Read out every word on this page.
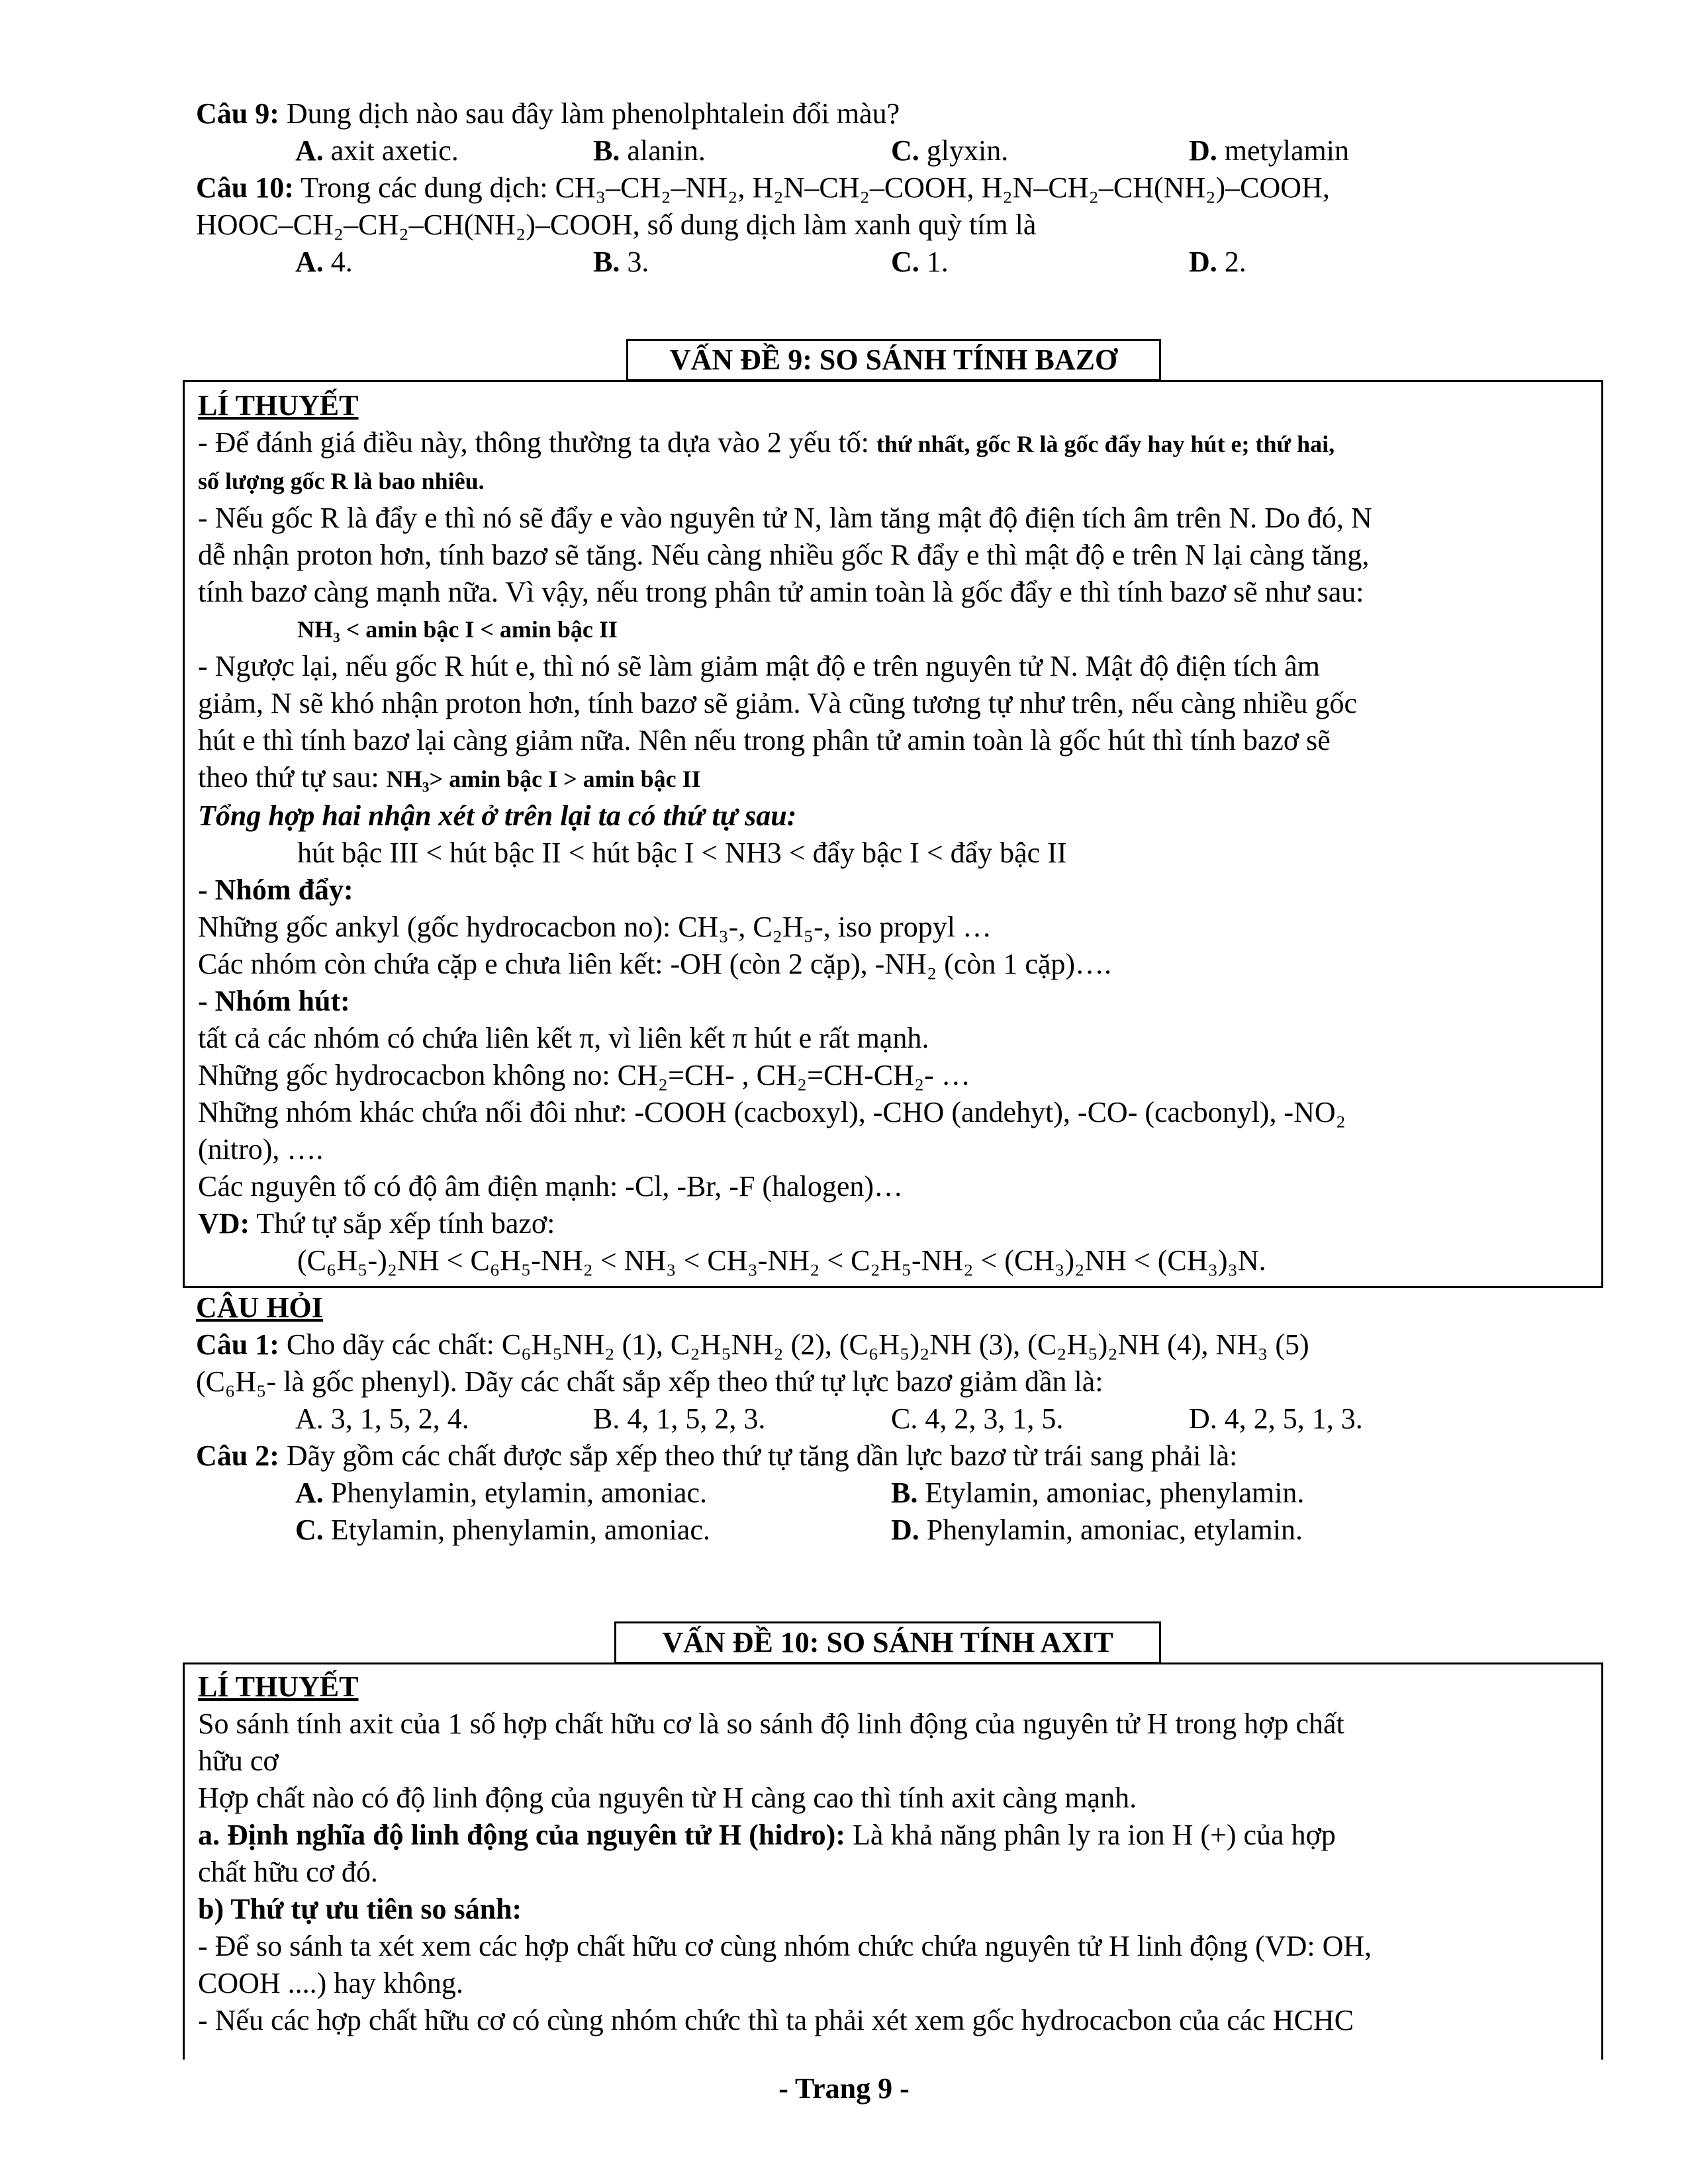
Câu 9: Dung dịch nào sau đây làm phenolphtalein đổi màu?
A. axit axetic.	B. alanin.	C. glyxin.	D. metylamin
Câu 10: Trong các dung dịch: CH₃–CH₂–NH₂, H₂N–CH₂–COOH, H₂N–CH₂–CH(NH₂)–COOH,
HOOC–CH₂–CH₂–CH(NH₂)–COOH, số dung dịch làm xanh quỳ tím là
A. 4.	B. 3.	C. 1.	D. 2.
VẤN ĐỀ 9: SO SÁNH TÍNH BAZƠ
LÍ THUYẾT
- Để đánh giá điều này, thông thường ta dựa vào 2 yếu tố: thứ nhất, gốc R là gốc đẩy hay hút e; thứ hai,
số lượng gốc R là bao nhiêu.
- Nếu gốc R là đẩy e thì nó sẽ đẩy e vào nguyên tử N, làm tăng mật độ điện tích âm trên N. Do đó, N
dễ nhận proton hơn, tính bazơ sẽ tăng. Nếu càng nhiều gốc R đẩy e thì mật độ e trên N lại càng tăng,
tính bazơ càng mạnh nữa. Vì vậy, nếu trong phân tử amin toàn là gốc đẩy e thì tính bazơ sẽ như sau:
NH₃ < amin bậc I < amin bậc II
- Ngược lại, nếu gốc R hút e, thì nó sẽ làm giảm mật độ e trên nguyên tử N. Mật độ điện tích âm
giảm, N sẽ khó nhận proton hơn, tính bazơ sẽ giảm. Và cũng tương tự như trên, nếu càng nhiều gốc
hút e thì tính bazơ lại càng giảm nữa. Nên nếu trong phân tử amin toàn là gốc hút thì tính bazơ sẽ
theo thứ tự sau: NH₃> amin bậc I > amin bậc II
Tổng hợp hai nhận xét ở trên lại ta có thứ tự sau:
hút bậc III < hút bậc II < hút bậc I < NH3 < đẩy bậc I < đẩy bậc II
- Nhóm đẩy:
Những gốc ankyl (gốc hydrocacbon no): CH₃-, C₂H₅-, iso propyl …
Các nhóm còn chứa cặp e chưa liên kết: -OH (còn 2 cặp), -NH₂ (còn 1 cặp)….
- Nhóm hút:
tất cả các nhóm có chứa liên kết π, vì liên kết π hút e rất mạnh.
Những gốc hydrocacbon không no: CH₂=CH- , CH₂=CH-CH₂- …
Những nhóm khác chứa nối đôi như: -COOH (cacboxyl), -CHO (andehyt), -CO- (cacbonyl), -NO₂
(nitro), ….
Các nguyên tố có độ âm điện mạnh: -Cl, -Br, -F (halogen)…
VD: Thứ tự sắp xếp tính bazơ:
(C₆H₅-)₂NH < C₆H₅-NH₂ < NH₃ < CH₃-NH₂ < C₂H₅-NH₂ < (CH₃)₂NH < (CH₃)₃N.
CÂU HỎI
Câu 1: Cho dãy các chất: C₆H₅NH₂ (1), C₂H₅NH₂ (2), (C₆H₅)₂NH (3), (C₂H₅)₂NH (4), NH₃ (5)
(C₆H₅- là gốc phenyl). Dãy các chất sắp xếp theo thứ tự lực bazơ giảm dần là:
A. 3, 1, 5, 2, 4.	B. 4, 1, 5, 2, 3.	C. 4, 2, 3, 1, 5.	D. 4, 2, 5, 1, 3.
Câu 2: Dãy gồm các chất được sắp xếp theo thứ tự tăng dần lực bazơ từ trái sang phải là:
A. Phenylamin, etylamin, amoniac.	B. Etylamin, amoniac, phenylamin.
C. Etylamin, phenylamin, amoniac.	D. Phenylamin, amoniac, etylamin.
VẤN ĐỀ 10: SO SÁNH TÍNH AXIT
LÍ THUYẾT
So sánh tính axit của 1 số hợp chất hữu cơ là so sánh độ linh động của nguyên tử H trong hợp chất
hữu cơ
Hợp chất nào có độ linh động của nguyên từ H càng cao thì tính axit càng mạnh.
a. Định nghĩa độ linh động của nguyên tử H (hidro): Là khả năng phân ly ra ion H (+) của hợp
chất hữu cơ đó.
b) Thứ tự ưu tiên so sánh:
- Để so sánh ta xét xem các hợp chất hữu cơ cùng nhóm chức chứa nguyên tử H linh động (VD: OH,
COOH ....) hay không.
- Nếu các hợp chất hữu cơ có cùng nhóm chức thì ta phải xét xem gốc hydrocacbon của các HCHC
- Trang 9 -
